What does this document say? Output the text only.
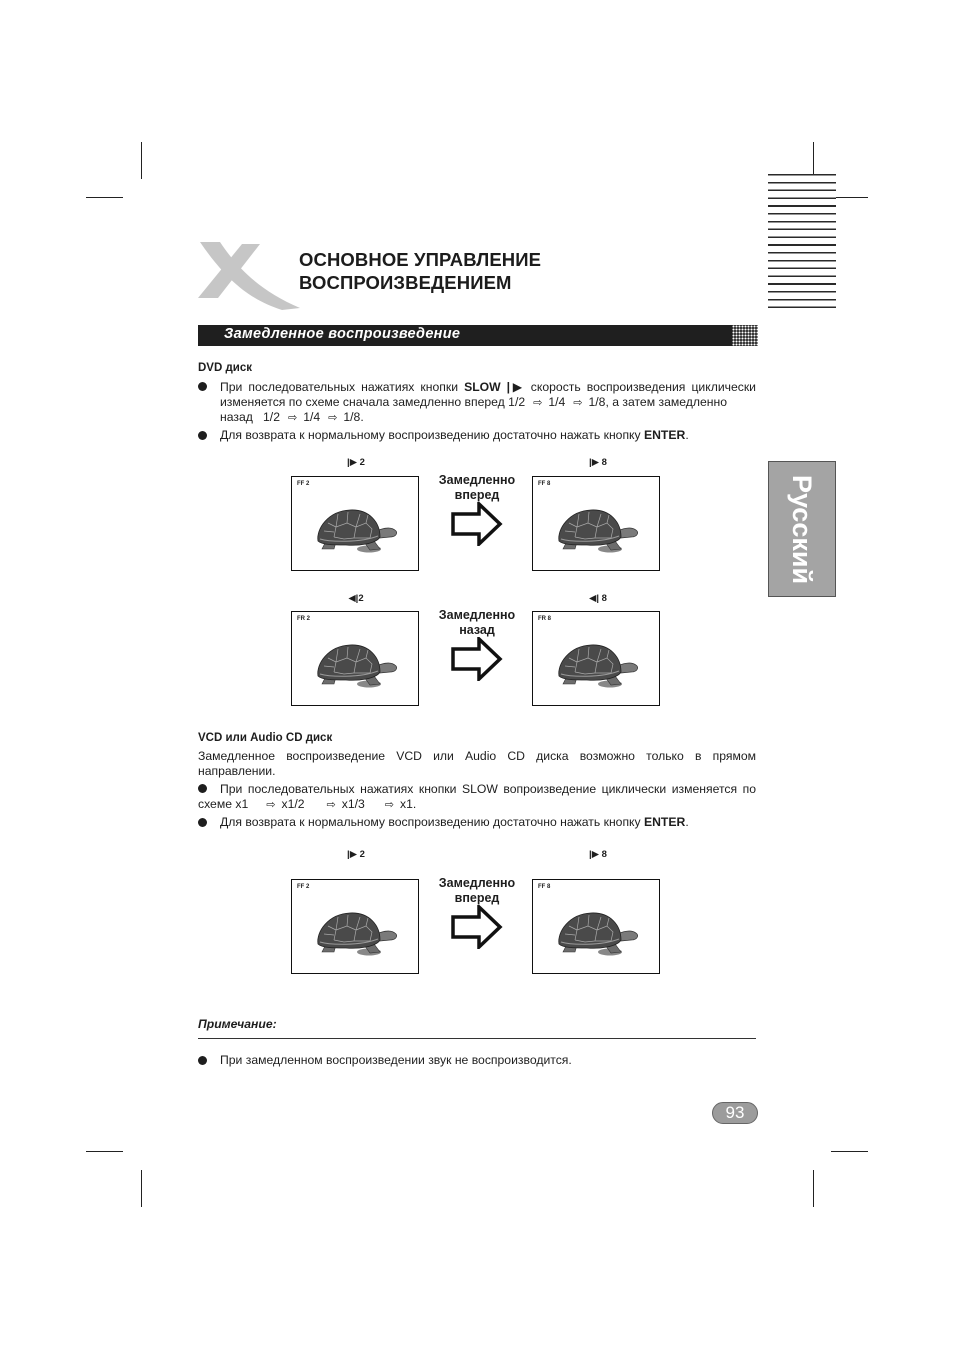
Русский
ОСНОВНОЕ УПРАВЛЕНИЕ
ВОСПРОИЗВЕДЕНИЕМ
Замедленное воспроизведение
DVD диск
При последовательных нажатиях кнопки SLOW |▶ скорость воспроизведения циклически
изменяется по схеме сначала замедленно вперед 1/2 ⇨ 1/4 ⇨ 1/8, а затем замедленно
назад 1/2 ⇨ 1/4 ⇨ 1/8.
Для возврата к нормальному воспроизведению достаточно нажать кнопку ENTER.
|▶ 2	|▶ 8
FF 2	FF 8
Замедленно
вперед
◀|2	◀| 8
FR 2	FR 8
Замедленно
назад
VCD или Audio CD диск
Замедленное воспроизведение VCD или Audio CD диска возможно только в прямом
направлении.
При последовательных нажатиях кнопки SLOW вопроизведение циклически изменяется по
схеме x1 ⇨ x1/2 ⇨ x1/3 ⇨ x1.
Для возврата к нормальному воспроизведению достаточно нажать кнопку ENTER.
|▶ 2	|▶ 8
FF 2	FF 8
Замедленно
вперед
Примечание:
При замедленном воспроизведении звук не воспроизводится.
93
